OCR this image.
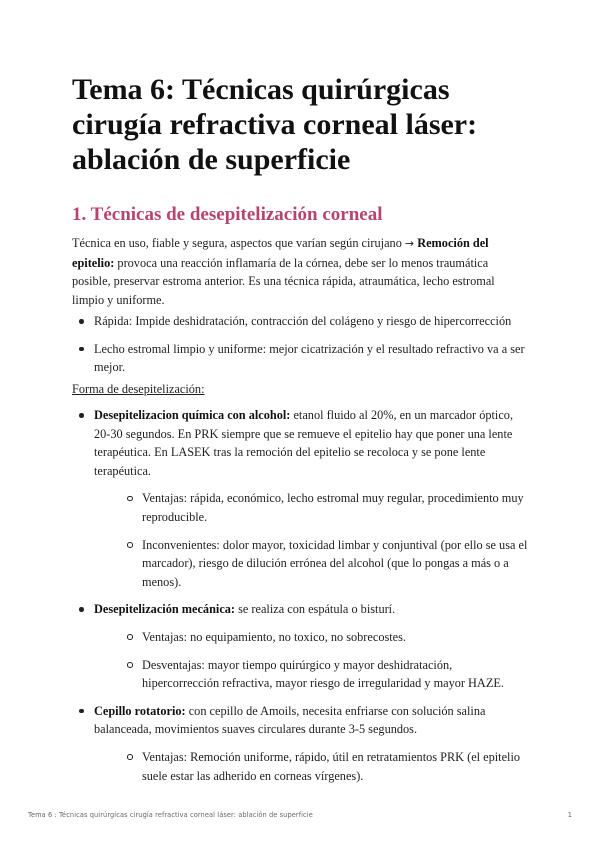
Tema 6: Técnicas quirúrgicas
cirugía refractiva corneal láser:
ablación de superficie
1. Técnicas de desepitelización corneal

Técnica en uso, fiable y segura, aspectos que varían según cirujano → Remoción del epitelio: provoca una reacción inflamaría de la córnea, debe ser lo menos traumática posible, preservar estroma anterior. Es una técnica rápida, atraumática, lecho estromal limpio y uniforme.

Rápida: Impide deshidratación, contracción del colágeno y riesgo de hipercorrección
Lecho estromal limpio y uniforme: mejor cicatrización y el resultado refractivo va a ser mejor.

Forma de desepitelización:

Desepitelizacion química con alcohol: etanol fluido al 20%, en un marcador óptico, 20-30 segundos. En PRK siempre que se remueve el epitelio hay que poner una lente terapéutica. En LASEK tras la remoción del epitelio se recoloca y se pone lente terapéutica.
Ventajas: rápida, económico, lecho estromal muy regular, procedimiento muy reproducible.
Inconvenientes: dolor mayor, toxicidad limbar y conjuntival (por ello se usa el marcador), riesgo de dilución errónea del alcohol (que lo pongas a más o a menos).
Desepitelización mecánica: se realiza con espátula o bisturí.
Ventajas: no equipamiento, no toxico, no sobrecostes.
Desventajas: mayor tiempo quirúrgico y mayor deshidratación, hipercorrección refractiva, mayor riesgo de irregularidad y mayor HAZE.
Cepillo rotatorio: con cepillo de Amoils, necesita enfriarse con solución salina balanceada, movimientos suaves circulares durante 3-5 segundos.
Ventajas: Remoción uniforme, rápido, útil en retratamientos PRK (el epitelio suele estar las adherido en corneas vírgenes).
Tema 6 : Técnicas quirúrgicas cirugía refractiva corneal láser: ablación de superficie	1
